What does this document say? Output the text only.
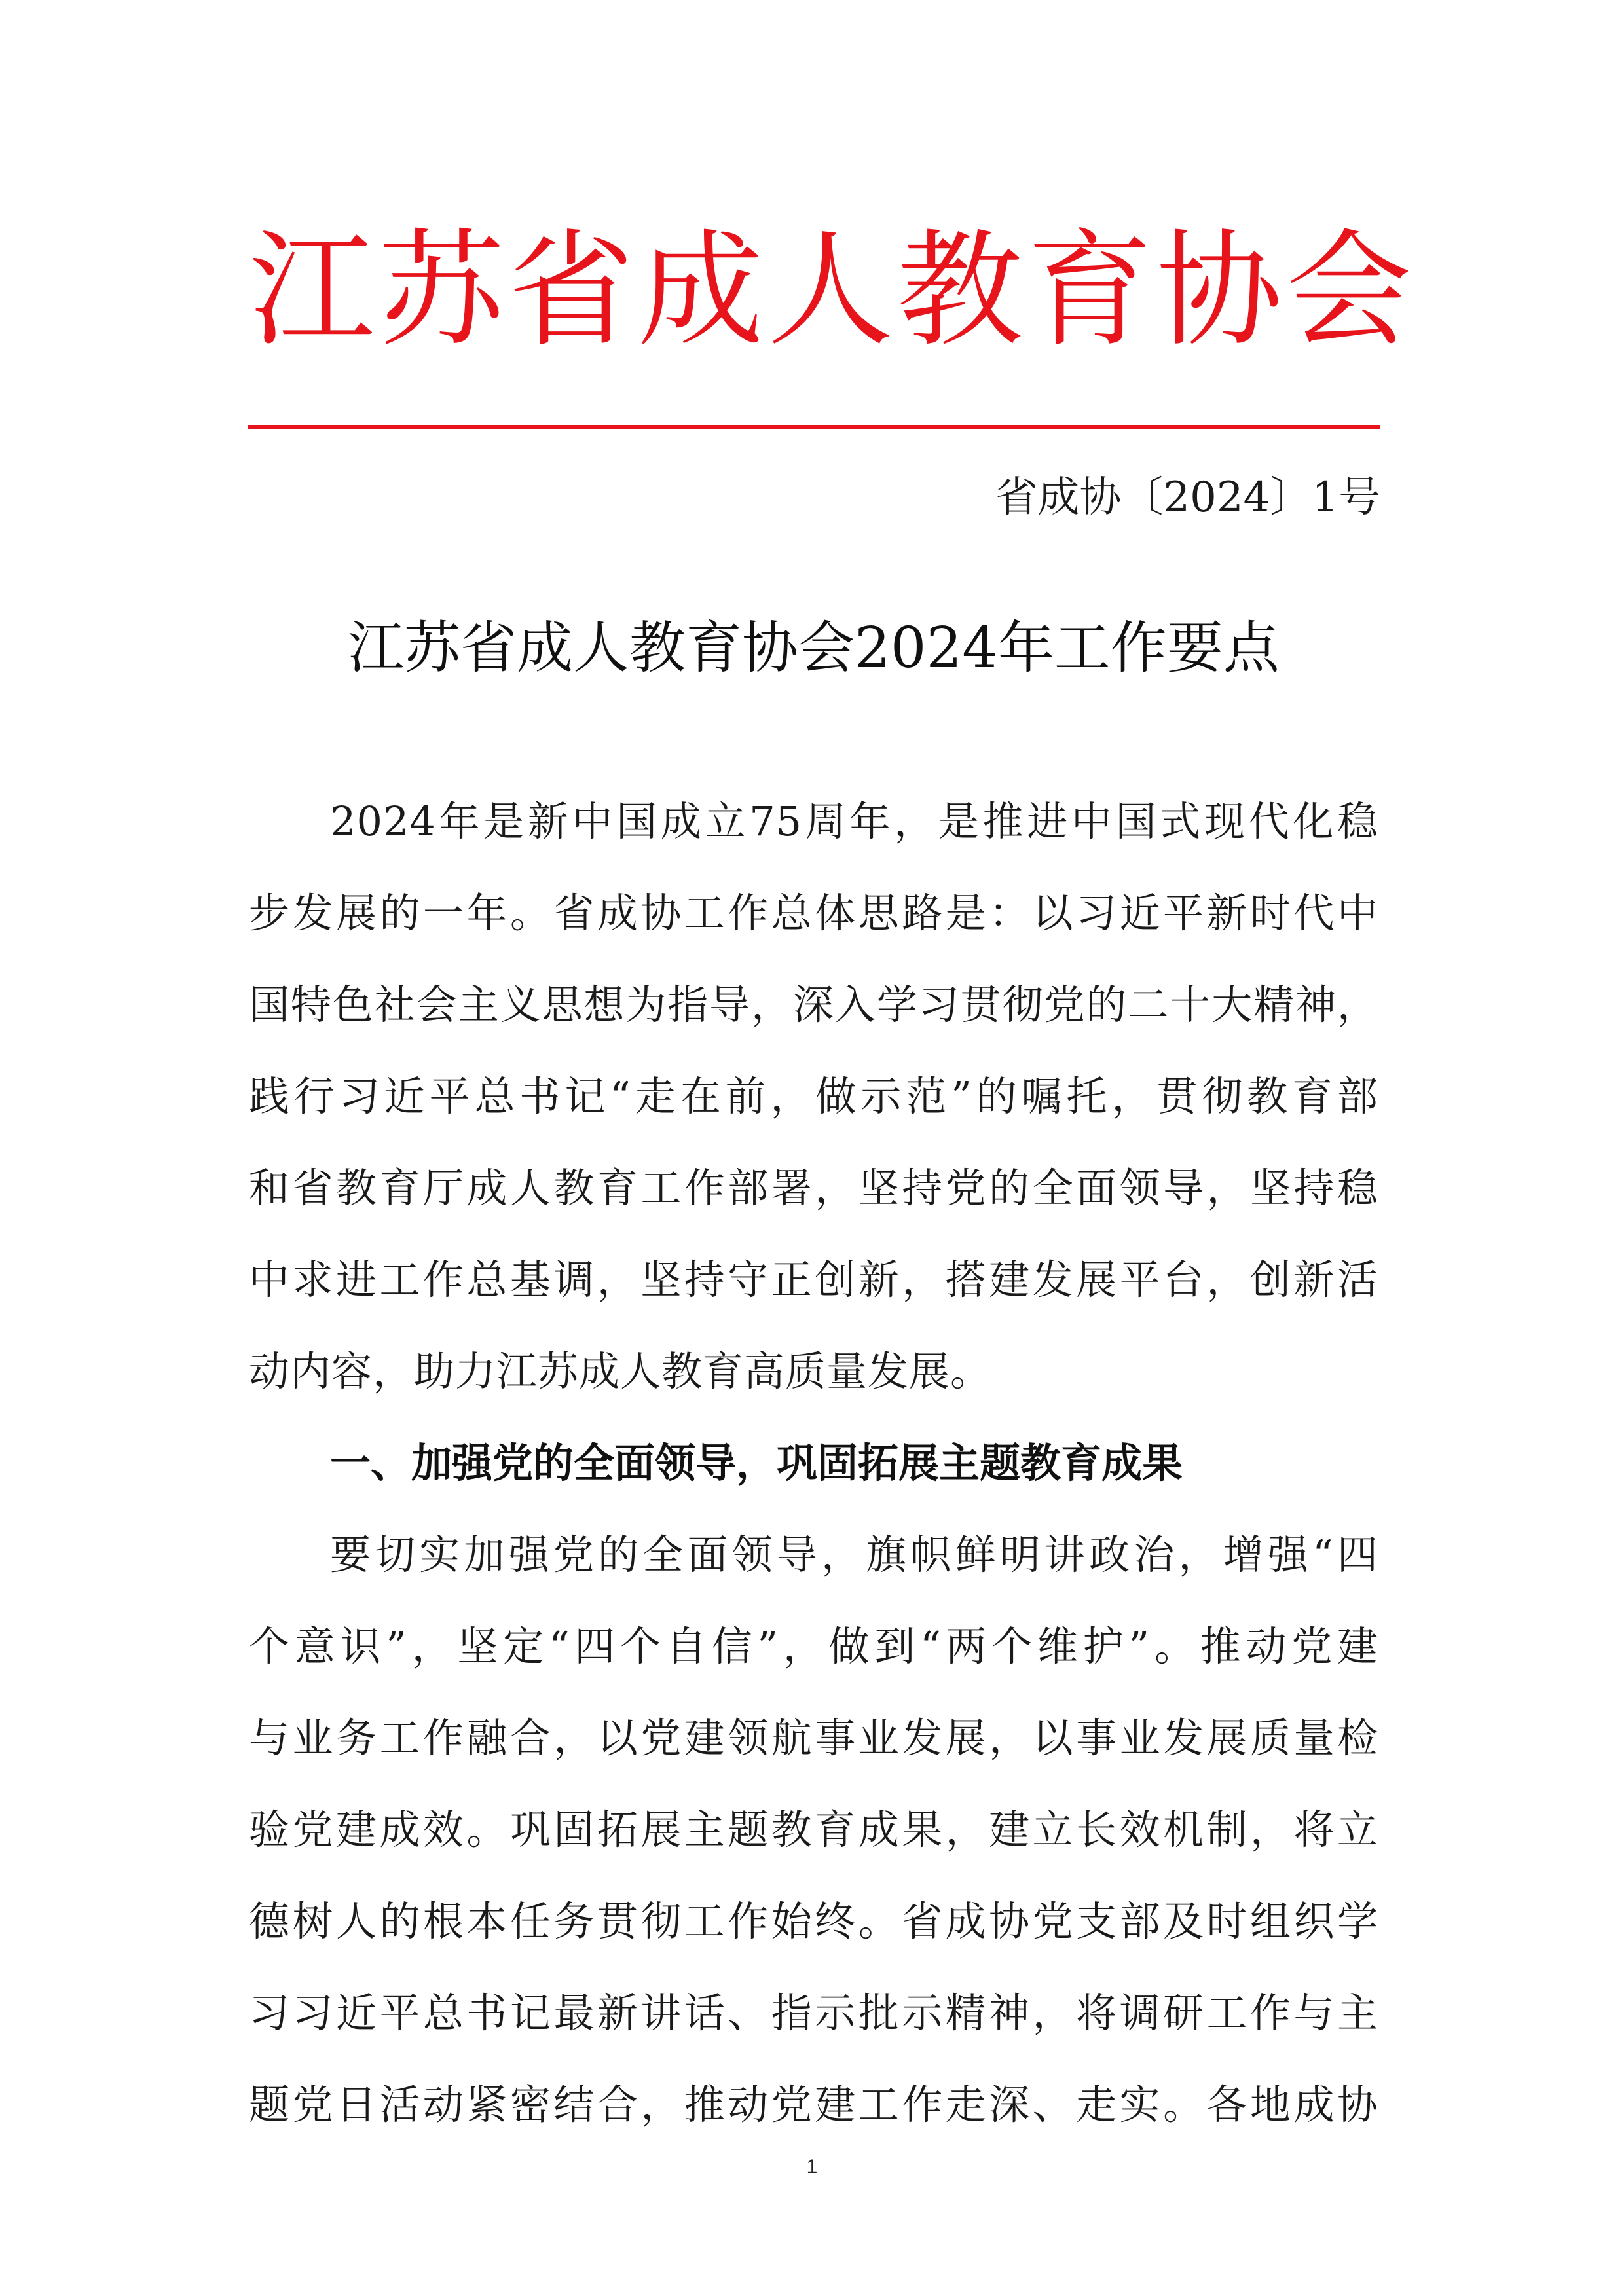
江苏省成人教育协会
省成协〔2024〕1号
江苏省成人教育协会2024年工作要点
2024年是新中国成立75周年，是推进中国式现代化稳
步发展的一年。省成协工作总体思路是：以习近平新时代中
国特色社会主义思想为指导，深入学习贯彻党的二十大精神，
践行习近平总书记“走在前，做示范”的嘱托，贯彻教育部
和省教育厅成人教育工作部署，坚持党的全面领导，坚持稳
中求进工作总基调，坚持守正创新，搭建发展平台，创新活
动内容，助力江苏成人教育高质量发展。
一、加强党的全面领导，巩固拓展主题教育成果
要切实加强党的全面领导，旗帜鲜明讲政治，增强“四
个意识”，坚定“四个自信”，做到“两个维护”。推动党建
与业务工作融合，以党建领航事业发展，以事业发展质量检
验党建成效。巩固拓展主题教育成果，建立长效机制，将立
德树人的根本任务贯彻工作始终。省成协党支部及时组织学
习习近平总书记最新讲话、指示批示精神，将调研工作与主
题党日活动紧密结合，推动党建工作走深、走实。各地成协
1
